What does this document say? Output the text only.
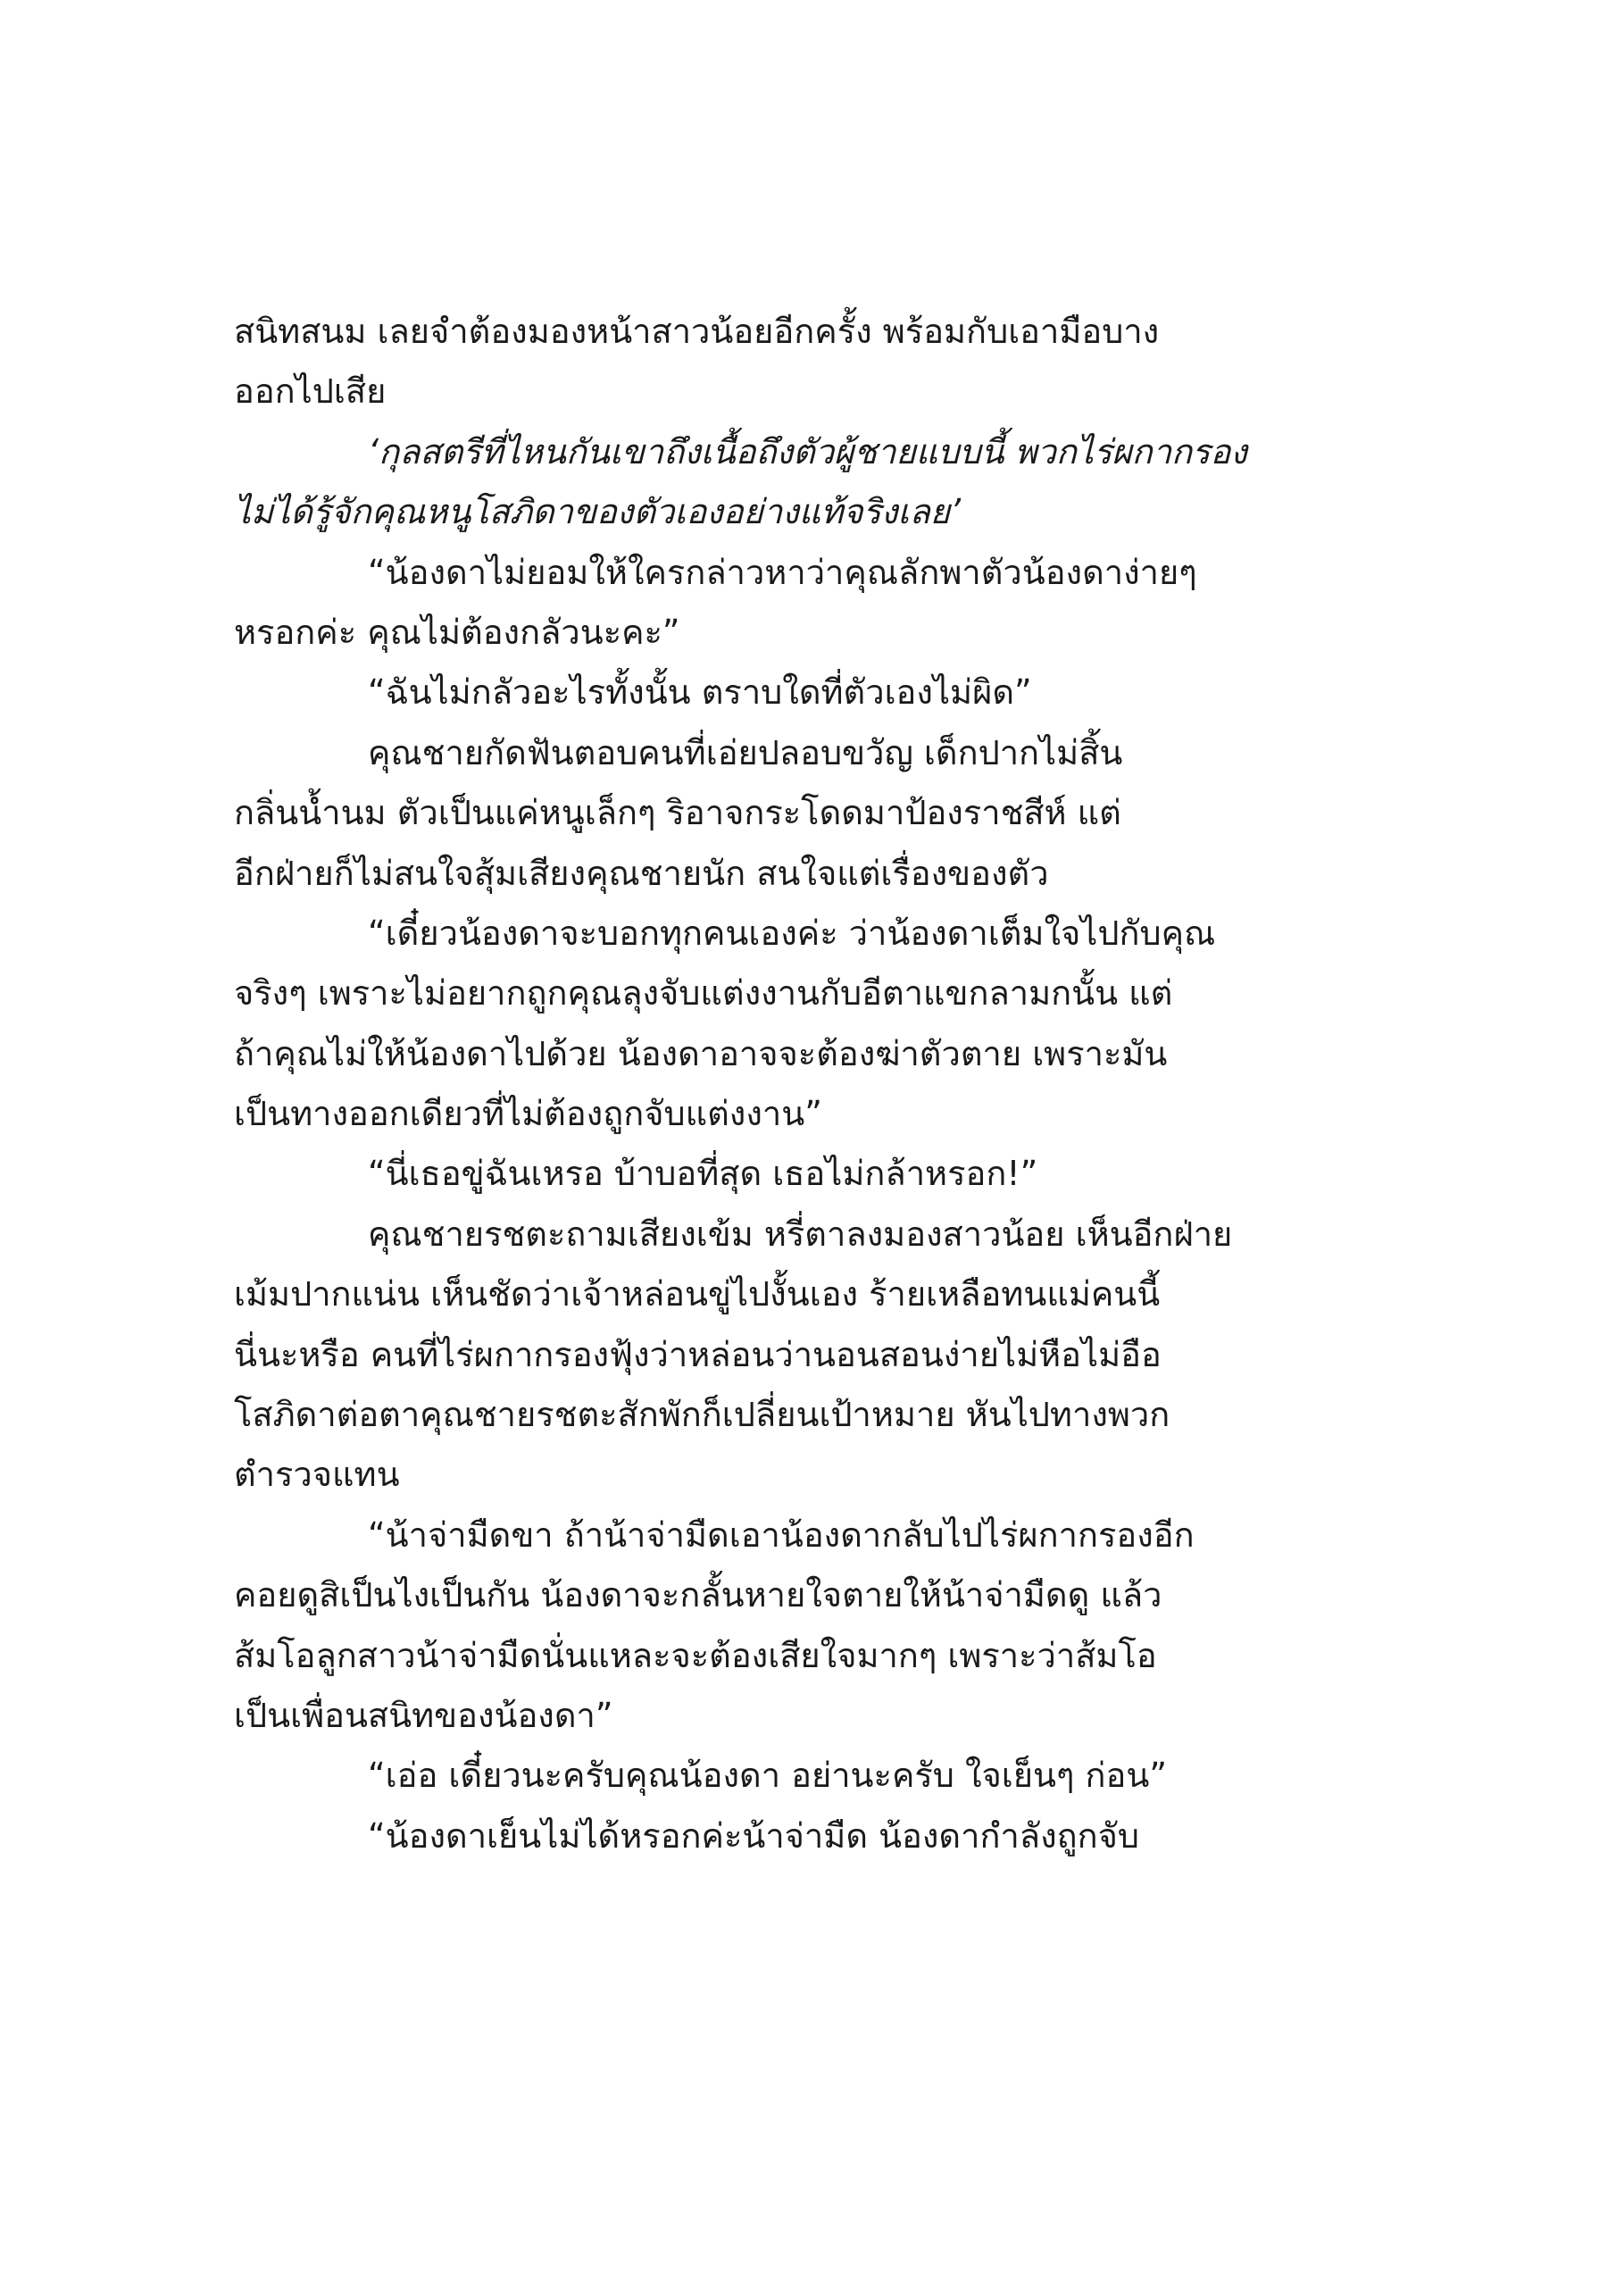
สนิทสนม เลยจำต้องมองหน้าสาวน้อยอีกครั้ง พร้อมกับเอามือบาง
ออกไปเสีย
‘กุลสตรีที่ไหนกันเขาถึงเนื้อถึงตัวผู้ชายแบบนี้ พวกไร่ผกากรอง
ไม่ได้รู้จักคุณหนูโสภิดาของตัวเองอย่างแท้จริงเลย’
“น้องดาไม่ยอมให้ใครกล่าวหาว่าคุณลักพาตัวน้องดาง่ายๆ
หรอกค่ะ คุณไม่ต้องกลัวนะคะ”
“ฉันไม่กลัวอะไรทั้งนั้น ตราบใดที่ตัวเองไม่ผิด”
คุณชายกัดฟันตอบคนที่เอ่ยปลอบขวัญ เด็กปากไม่สิ้น
กลิ่นน้ำนม ตัวเป็นแค่หนูเล็กๆ ริอาจกระโดดมาป้องราชสีห์ แต่
อีกฝ่ายก็ไม่สนใจสุ้มเสียงคุณชายนัก สนใจแต่เรื่องของตัว
“เดี๋ยวน้องดาจะบอกทุกคนเองค่ะ ว่าน้องดาเต็มใจไปกับคุณ
จริงๆ เพราะไม่อยากถูกคุณลุงจับแต่งงานกับอีตาแขกลามกนั้น แต่
ถ้าคุณไม่ให้น้องดาไปด้วย น้องดาอาจจะต้องฆ่าตัวตาย เพราะมัน
เป็นทางออกเดียวที่ไม่ต้องถูกจับแต่งงาน”
“นี่เธอขู่ฉันเหรอ บ้าบอที่สุด เธอไม่กล้าหรอก!”
คุณชายรชตะถามเสียงเข้ม หรี่ตาลงมองสาวน้อย เห็นอีกฝ่าย
เม้มปากแน่น เห็นชัดว่าเจ้าหล่อนขู่ไปงั้นเอง ร้ายเหลือทนแม่คนนี้
นี่นะหรือ คนที่ไร่ผกากรองฟุ้งว่าหล่อนว่านอนสอนง่ายไม่หือไม่อือ
โสภิดาต่อตาคุณชายรชตะสักพักก็เปลี่ยนเป้าหมาย หันไปทางพวก
ตำรวจแทน
“น้าจ่ามืดขา ถ้าน้าจ่ามืดเอาน้องดากลับไปไร่ผกากรองอีก
คอยดูสิเป็นไงเป็นกัน น้องดาจะกลั้นหายใจตายให้น้าจ่ามืดดู แล้ว
ส้มโอลูกสาวน้าจ่ามืดนั่นแหละจะต้องเสียใจมากๆ เพราะว่าส้มโอ
เป็นเพื่อนสนิทของน้องดา”
“เอ่อ เดี๋ยวนะครับคุณน้องดา อย่านะครับ ใจเย็นๆ ก่อน”
“น้องดาเย็นไม่ได้หรอกค่ะน้าจ่ามืด น้องดากำลังถูกจับ
